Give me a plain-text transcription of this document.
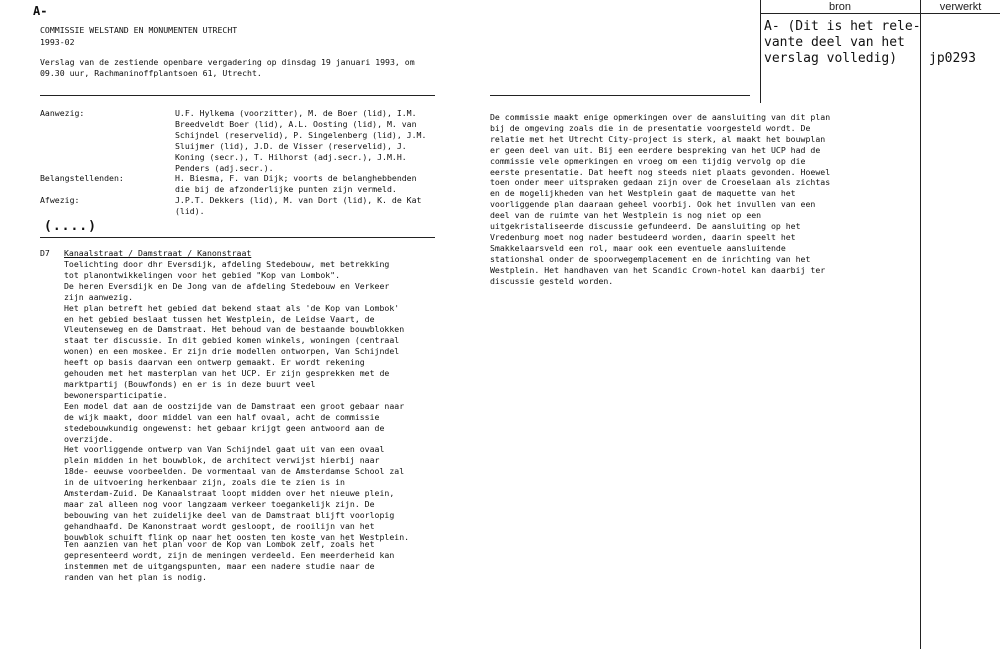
A-
COMMISSIE WELSTAND EN MONUMENTEN UTRECHT
1993-02
Verslag van de zestiende openbare vergadering op dinsdag 19 januari 1993, om
09.30 uur, Rachmaninoffplantsoen 61, Utrecht.
bron	verwerkt
A- (Dit is het rele-
vante deel van het
verslag volledig)	jp0293
Aanwezig:	U.F. Hylkema (voorzitter), M. de Boer (lid), I.M.
Breedveldt Boer (lid), A.L. Oosting (lid), M. van
Schijndel (reservelid), P. Singelenberg (lid), J.M.
Sluijmer (lid), J.D. de Visser (reservelid), J.
Koning (secr.), T. Hilhorst (adj.secr.), J.M.H.
Penders (adj.secr.).
Belangstellenden:	H. Biesma, F. van Dijk; voorts de belanghebbenden
die bij de afzonderlijke punten zijn vermeld.
Afwezig:	J.P.T. Dekkers (lid), M. van Dort (lid), K. de Kat
(lid).
(....)
D7 Kanaalstraat / Damstraat / Kanonstraat
Toelichting door dhr Eversdijk, afdeling Stedebouw, met betrekking
tot planontwikkelingen voor het gebied "Kop van Lombok".
De heren Eversdijk en De Jong van de afdeling Stedebouw en Verkeer
zijn aanwezig.
Het plan betreft het gebied dat bekend staat als 'de Kop van Lombok'
en het gebied beslaat tussen het Westplein, de Leidse Vaart, de
Vleutenseweg en de Damstraat. Het behoud van de bestaande bouwblokken
staat ter discussie. In dit gebied komen winkels, woningen (centraal
wonen) en een moskee. Er zijn drie modellen ontworpen, Van Schijndel
heeft op basis daarvan een ontwerp gemaakt. Er wordt rekening
gehouden met het masterplan van het UCP. Er zijn gesprekken met de
marktpartij (Bouwfonds) en er is in deze buurt veel
bewonersparticipatie.
Een model dat aan de oostzijde van de Damstraat een groot gebaar naar
de wijk maakt, door middel van een half ovaal, acht de commissie
stedebouwkundig ongewenst: het gebaar krijgt geen antwoord aan de
overzijde.
Het voorliggende ontwerp van Van Schijndel gaat uit van een ovaal
plein midden in het bouwblok, de architect verwijst hierbij naar
18de- eeuwse voorbeelden. De vormentaal van de Amsterdamse School zal
in de uitvoering herkenbaar zijn, zoals die te zien is in
Amsterdam-Zuid. De Kanaalstraat loopt midden over het nieuwe plein,
maar zal alleen nog voor langzaam verkeer toegankelijk zijn. De
bebouwing van het zuidelijke deel van de Damstraat blijft voorlopig
gehandhaafd. De Kanonstraat wordt gesloopt, de rooilijn van het
bouwblok schuift flink op naar het oosten ten koste van het Westplein.
Ten aanzien van het plan voor de Kop van Lombok zelf, zoals het
gepresenteerd wordt, zijn de meningen verdeeld. Een meerderheid kan
instemmen met de uitgangspunten, maar een nadere studie naar de
randen van het plan is nodig.
De commissie maakt enige opmerkingen over de aansluiting van dit plan
bij de omgeving zoals die in de presentatie voorgesteld wordt. De
relatie met het Utrecht City-project is sterk, al maakt het bouwplan
er geen deel van uit. Bij een eerdere bespreking van het UCP had de
commissie vele opmerkingen en vroeg om een tijdig vervolg op die
eerste presentatie. Dat heeft nog steeds niet plaats gevonden. Hoewel
toen onder meer uitspraken gedaan zijn over de Croeselaan als zichtas
en de mogelijkheden van het Westplein gaat de maquette van het
voorliggende plan daaraan geheel voorbij. Ook het invullen van een
deel van de ruimte van het Westplein is nog niet op een
uitgekristaliseerde discussie gefundeerd. De aansluiting op het
Vredenburg moet nog nader bestudeerd worden, daarin speelt het
Smakkelaarsveld een rol, maar ook een eventuele aansluitende
stationshal onder de spoorwegemplacement en de inrichting van het
Westplein. Het handhaven van het Scandic Crown-hotel kan daarbij ter
discussie gesteld worden.
